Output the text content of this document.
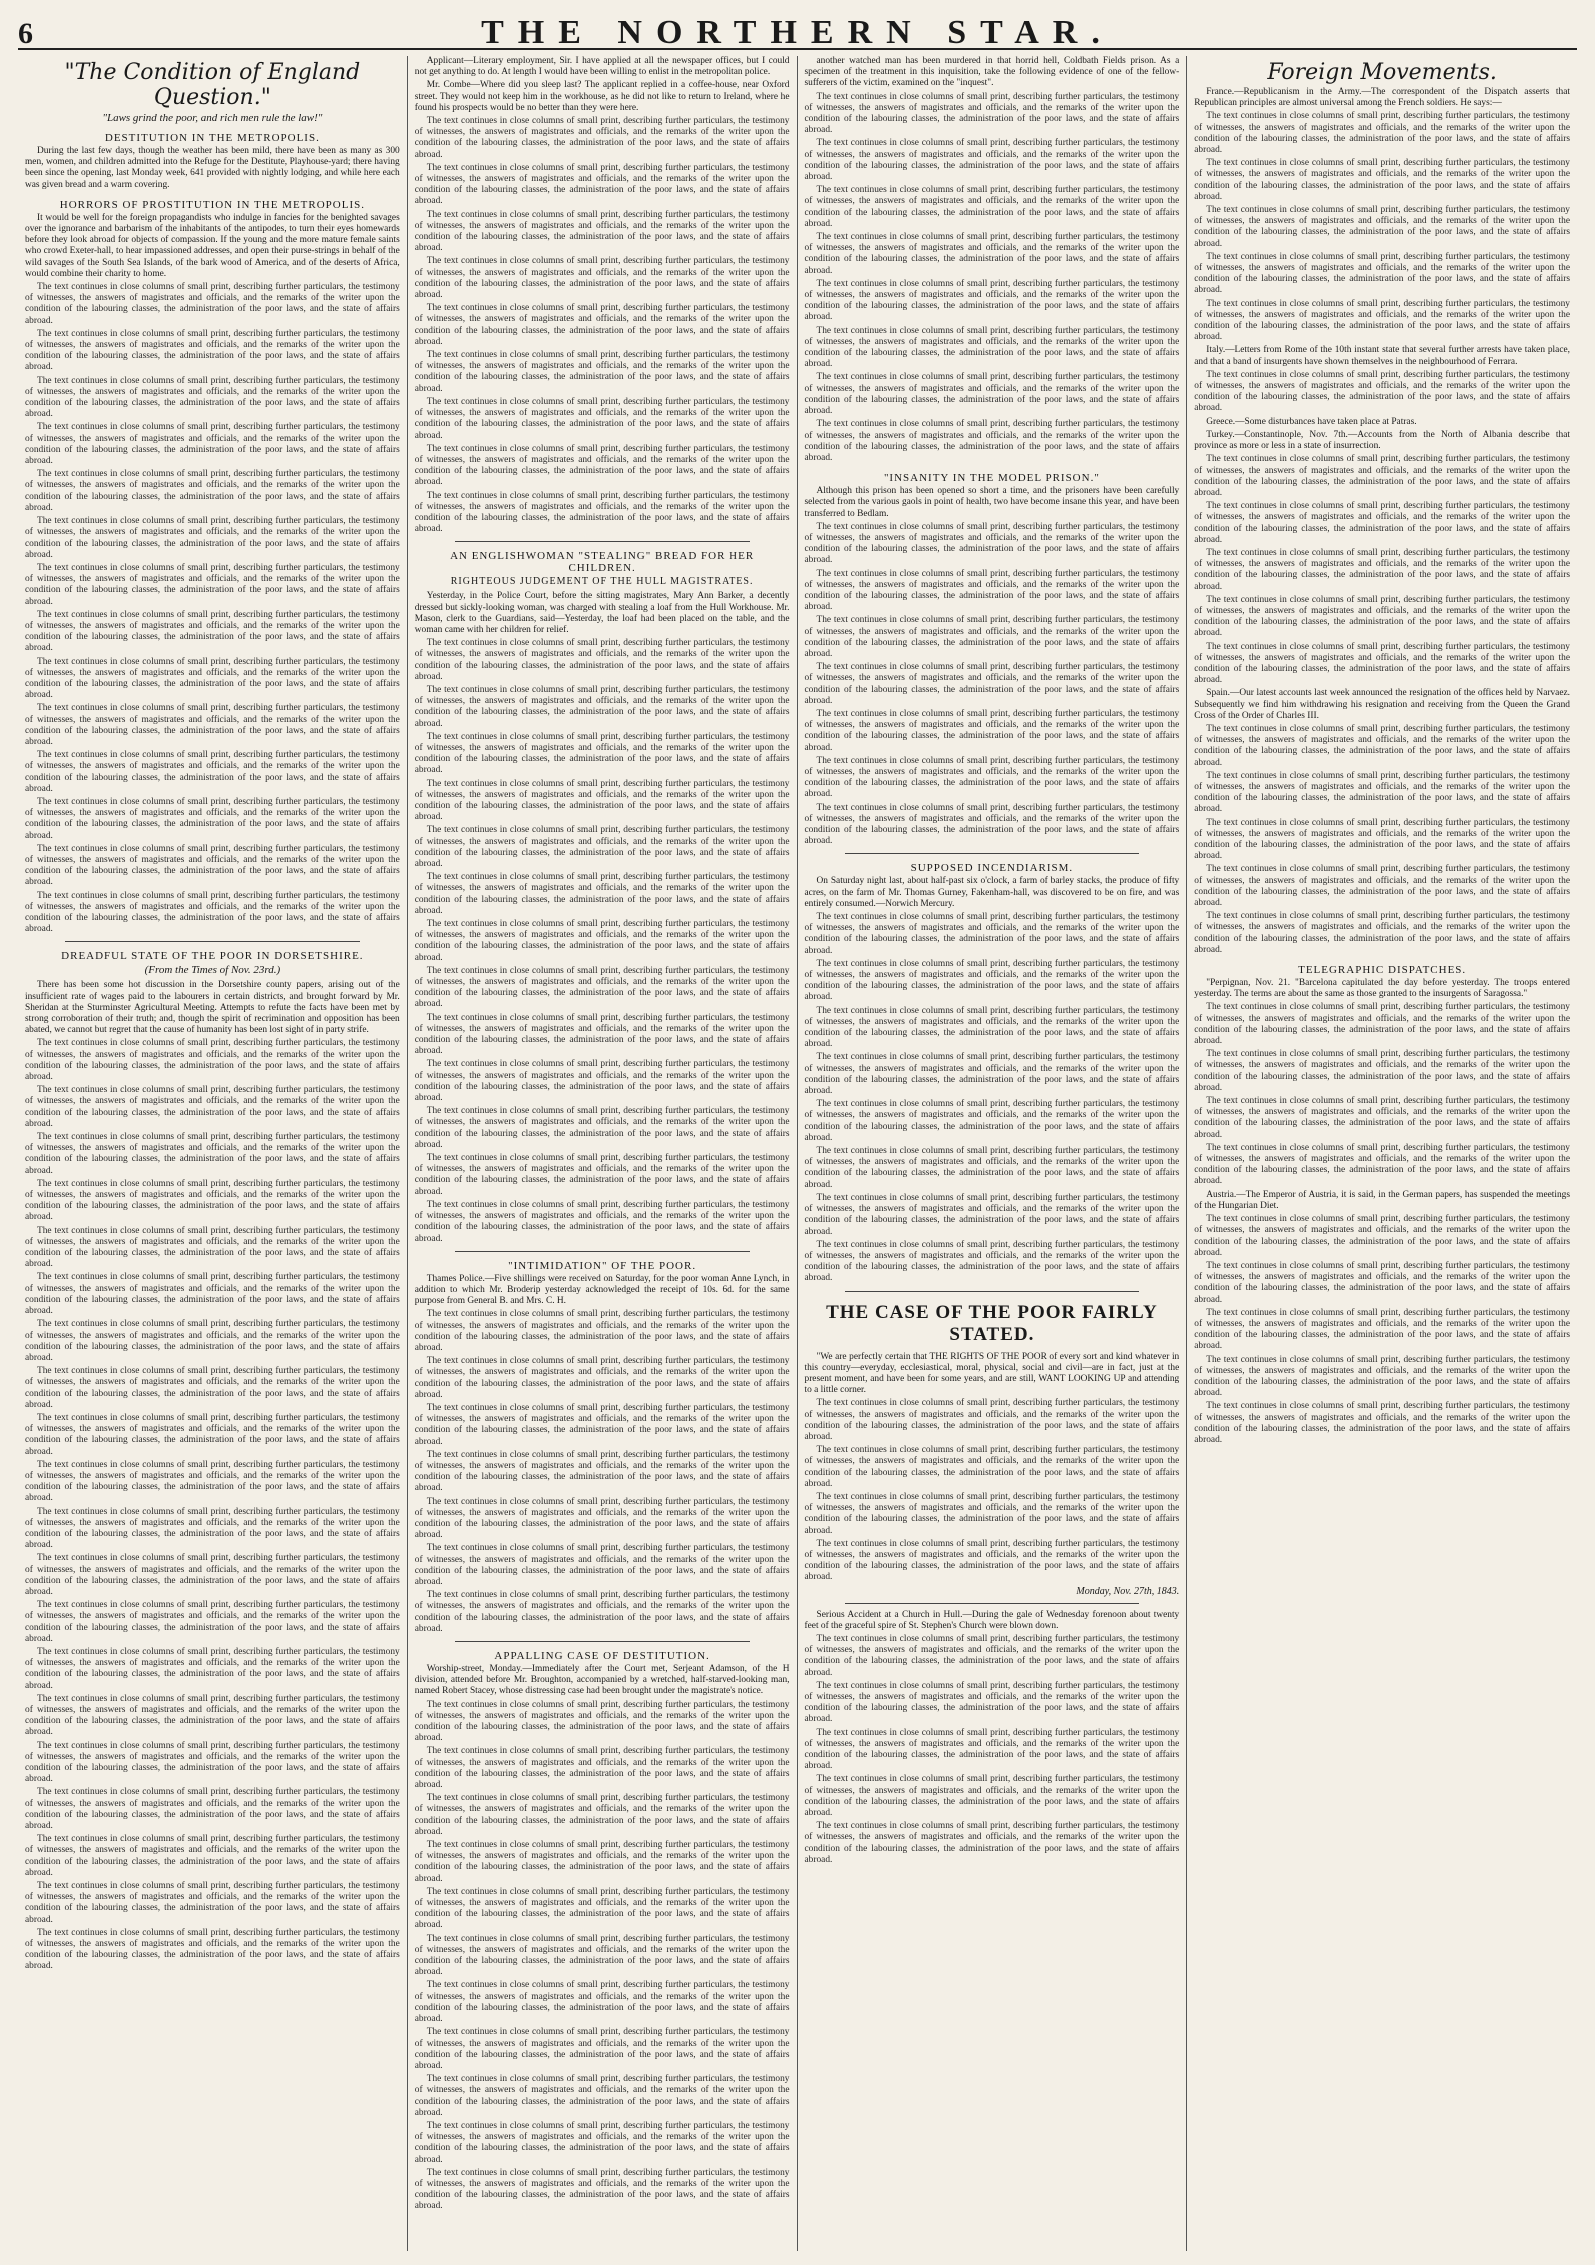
6	THE NORTHERN STAR.
"The Condition of England Question."
"Laws grind the poor, and rich men rule the law!"
DESTITUTION IN THE METROPOLIS.

During the last few days, though the weather has been mild, there have been as many as 300 men, women, and children admitted into the Refuge for the Destitute, Playhouse-yard; there having been since the opening, last Monday week, 641 provided with nightly lodging, and while here each was given bread and a warm covering.

HORRORS OF PROSTITUTION IN THE METROPOLIS.

It would be well for the foreign propagandists who indulge in fancies for the benighted savages over the ignorance and barbarism of the inhabitants of the antipodes, to turn their eyes homewards before they look abroad for objects of compassion. If the young and the more mature female saints who crowd Exeter-hall, to hear impassioned addresses, and open their purse-strings in behalf of the wild savages of the South Sea Islands, of the bark wood of America, and of the deserts of Africa, would combine their charity to home.

The text continues in close columns of small print, describing further particulars, the testimony of witnesses, the answers of magistrates and officials, and the remarks of the writer upon the condition of the labouring classes, the administration of the poor laws, and the state of affairs abroad.

The text continues in close columns of small print, describing further particulars, the testimony of witnesses, the answers of magistrates and officials, and the remarks of the writer upon the condition of the labouring classes, the administration of the poor laws, and the state of affairs abroad.

The text continues in close columns of small print, describing further particulars, the testimony of witnesses, the answers of magistrates and officials, and the remarks of the writer upon the condition of the labouring classes, the administration of the poor laws, and the state of affairs abroad.

The text continues in close columns of small print, describing further particulars, the testimony of witnesses, the answers of magistrates and officials, and the remarks of the writer upon the condition of the labouring classes, the administration of the poor laws, and the state of affairs abroad.

The text continues in close columns of small print, describing further particulars, the testimony of witnesses, the answers of magistrates and officials, and the remarks of the writer upon the condition of the labouring classes, the administration of the poor laws, and the state of affairs abroad.

The text continues in close columns of small print, describing further particulars, the testimony of witnesses, the answers of magistrates and officials, and the remarks of the writer upon the condition of the labouring classes, the administration of the poor laws, and the state of affairs abroad.

The text continues in close columns of small print, describing further particulars, the testimony of witnesses, the answers of magistrates and officials, and the remarks of the writer upon the condition of the labouring classes, the administration of the poor laws, and the state of affairs abroad.

The text continues in close columns of small print, describing further particulars, the testimony of witnesses, the answers of magistrates and officials, and the remarks of the writer upon the condition of the labouring classes, the administration of the poor laws, and the state of affairs abroad.

The text continues in close columns of small print, describing further particulars, the testimony of witnesses, the answers of magistrates and officials, and the remarks of the writer upon the condition of the labouring classes, the administration of the poor laws, and the state of affairs abroad.

The text continues in close columns of small print, describing further particulars, the testimony of witnesses, the answers of magistrates and officials, and the remarks of the writer upon the condition of the labouring classes, the administration of the poor laws, and the state of affairs abroad.

The text continues in close columns of small print, describing further particulars, the testimony of witnesses, the answers of magistrates and officials, and the remarks of the writer upon the condition of the labouring classes, the administration of the poor laws, and the state of affairs abroad.

The text continues in close columns of small print, describing further particulars, the testimony of witnesses, the answers of magistrates and officials, and the remarks of the writer upon the condition of the labouring classes, the administration of the poor laws, and the state of affairs abroad.

The text continues in close columns of small print, describing further particulars, the testimony of witnesses, the answers of magistrates and officials, and the remarks of the writer upon the condition of the labouring classes, the administration of the poor laws, and the state of affairs abroad.

The text continues in close columns of small print, describing further particulars, the testimony of witnesses, the answers of magistrates and officials, and the remarks of the writer upon the condition of the labouring classes, the administration of the poor laws, and the state of affairs abroad.

DREADFUL STATE OF THE POOR IN DORSETSHIRE.
(From the Times of Nov. 23rd.)

There has been some hot discussion in the Dorsetshire county papers, arising out of the insufficient rate of wages paid to the labourers in certain districts, and brought forward by Mr. Sheridan at the Sturminster Agricultural Meeting. Attempts to refute the facts have been met by strong corroboration of their truth; and, though the spirit of recrimination and opposition has been abated, we cannot but regret that the cause of humanity has been lost sight of in party strife.

The text continues in close columns of small print, describing further particulars, the testimony of witnesses, the answers of magistrates and officials, and the remarks of the writer upon the condition of the labouring classes, the administration of the poor laws, and the state of affairs abroad.

The text continues in close columns of small print, describing further particulars, the testimony of witnesses, the answers of magistrates and officials, and the remarks of the writer upon the condition of the labouring classes, the administration of the poor laws, and the state of affairs abroad.

The text continues in close columns of small print, describing further particulars, the testimony of witnesses, the answers of magistrates and officials, and the remarks of the writer upon the condition of the labouring classes, the administration of the poor laws, and the state of affairs abroad.

The text continues in close columns of small print, describing further particulars, the testimony of witnesses, the answers of magistrates and officials, and the remarks of the writer upon the condition of the labouring classes, the administration of the poor laws, and the state of affairs abroad.

The text continues in close columns of small print, describing further particulars, the testimony of witnesses, the answers of magistrates and officials, and the remarks of the writer upon the condition of the labouring classes, the administration of the poor laws, and the state of affairs abroad.

The text continues in close columns of small print, describing further particulars, the testimony of witnesses, the answers of magistrates and officials, and the remarks of the writer upon the condition of the labouring classes, the administration of the poor laws, and the state of affairs abroad.

The text continues in close columns of small print, describing further particulars, the testimony of witnesses, the answers of magistrates and officials, and the remarks of the writer upon the condition of the labouring classes, the administration of the poor laws, and the state of affairs abroad.

The text continues in close columns of small print, describing further particulars, the testimony of witnesses, the answers of magistrates and officials, and the remarks of the writer upon the condition of the labouring classes, the administration of the poor laws, and the state of affairs abroad.

The text continues in close columns of small print, describing further particulars, the testimony of witnesses, the answers of magistrates and officials, and the remarks of the writer upon the condition of the labouring classes, the administration of the poor laws, and the state of affairs abroad.

The text continues in close columns of small print, describing further particulars, the testimony of witnesses, the answers of magistrates and officials, and the remarks of the writer upon the condition of the labouring classes, the administration of the poor laws, and the state of affairs abroad.

The text continues in close columns of small print, describing further particulars, the testimony of witnesses, the answers of magistrates and officials, and the remarks of the writer upon the condition of the labouring classes, the administration of the poor laws, and the state of affairs abroad.

The text continues in close columns of small print, describing further particulars, the testimony of witnesses, the answers of magistrates and officials, and the remarks of the writer upon the condition of the labouring classes, the administration of the poor laws, and the state of affairs abroad.

The text continues in close columns of small print, describing further particulars, the testimony of witnesses, the answers of magistrates and officials, and the remarks of the writer upon the condition of the labouring classes, the administration of the poor laws, and the state of affairs abroad.

The text continues in close columns of small print, describing further particulars, the testimony of witnesses, the answers of magistrates and officials, and the remarks of the writer upon the condition of the labouring classes, the administration of the poor laws, and the state of affairs abroad.

The text continues in close columns of small print, describing further particulars, the testimony of witnesses, the answers of magistrates and officials, and the remarks of the writer upon the condition of the labouring classes, the administration of the poor laws, and the state of affairs abroad.

The text continues in close columns of small print, describing further particulars, the testimony of witnesses, the answers of magistrates and officials, and the remarks of the writer upon the condition of the labouring classes, the administration of the poor laws, and the state of affairs abroad.

The text continues in close columns of small print, describing further particulars, the testimony of witnesses, the answers of magistrates and officials, and the remarks of the writer upon the condition of the labouring classes, the administration of the poor laws, and the state of affairs abroad.

The text continues in close columns of small print, describing further particulars, the testimony of witnesses, the answers of magistrates and officials, and the remarks of the writer upon the condition of the labouring classes, the administration of the poor laws, and the state of affairs abroad.

The text continues in close columns of small print, describing further particulars, the testimony of witnesses, the answers of magistrates and officials, and the remarks of the writer upon the condition of the labouring classes, the administration of the poor laws, and the state of affairs abroad.

The text continues in close columns of small print, describing further particulars, the testimony of witnesses, the answers of magistrates and officials, and the remarks of the writer upon the condition of the labouring classes, the administration of the poor laws, and the state of affairs abroad.

Applicant—Literary employment, Sir. I have applied at all the newspaper offices, but I could not get anything to do. At length I would have been willing to enlist in the metropolitan police.

Mr. Combe—Where did you sleep last? The applicant replied in a coffee-house, near Oxford street. They would not keep him in the workhouse, as he did not like to return to Ireland, where he found his prospects would be no better than they were here.

The text continues in close columns of small print, describing further particulars, the testimony of witnesses, the answers of magistrates and officials, and the remarks of the writer upon the condition of the labouring classes, the administration of the poor laws, and the state of affairs abroad.

The text continues in close columns of small print, describing further particulars, the testimony of witnesses, the answers of magistrates and officials, and the remarks of the writer upon the condition of the labouring classes, the administration of the poor laws, and the state of affairs abroad.

The text continues in close columns of small print, describing further particulars, the testimony of witnesses, the answers of magistrates and officials, and the remarks of the writer upon the condition of the labouring classes, the administration of the poor laws, and the state of affairs abroad.

The text continues in close columns of small print, describing further particulars, the testimony of witnesses, the answers of magistrates and officials, and the remarks of the writer upon the condition of the labouring classes, the administration of the poor laws, and the state of affairs abroad.

The text continues in close columns of small print, describing further particulars, the testimony of witnesses, the answers of magistrates and officials, and the remarks of the writer upon the condition of the labouring classes, the administration of the poor laws, and the state of affairs abroad.

The text continues in close columns of small print, describing further particulars, the testimony of witnesses, the answers of magistrates and officials, and the remarks of the writer upon the condition of the labouring classes, the administration of the poor laws, and the state of affairs abroad.

The text continues in close columns of small print, describing further particulars, the testimony of witnesses, the answers of magistrates and officials, and the remarks of the writer upon the condition of the labouring classes, the administration of the poor laws, and the state of affairs abroad.

The text continues in close columns of small print, describing further particulars, the testimony of witnesses, the answers of magistrates and officials, and the remarks of the writer upon the condition of the labouring classes, the administration of the poor laws, and the state of affairs abroad.

The text continues in close columns of small print, describing further particulars, the testimony of witnesses, the answers of magistrates and officials, and the remarks of the writer upon the condition of the labouring classes, the administration of the poor laws, and the state of affairs abroad.

AN ENGLISHWOMAN "STEALING" BREAD FOR HER CHILDREN.
RIGHTEOUS JUDGEMENT OF THE HULL MAGISTRATES.

Yesterday, in the Police Court, before the sitting magistrates, Mary Ann Barker, a decently dressed but sickly-looking woman, was charged with stealing a loaf from the Hull Workhouse. Mr. Mason, clerk to the Guardians, said—Yesterday, the loaf had been placed on the table, and the woman came with her children for relief.

The text continues in close columns of small print, describing further particulars, the testimony of witnesses, the answers of magistrates and officials, and the remarks of the writer upon the condition of the labouring classes, the administration of the poor laws, and the state of affairs abroad.

The text continues in close columns of small print, describing further particulars, the testimony of witnesses, the answers of magistrates and officials, and the remarks of the writer upon the condition of the labouring classes, the administration of the poor laws, and the state of affairs abroad.

The text continues in close columns of small print, describing further particulars, the testimony of witnesses, the answers of magistrates and officials, and the remarks of the writer upon the condition of the labouring classes, the administration of the poor laws, and the state of affairs abroad.

The text continues in close columns of small print, describing further particulars, the testimony of witnesses, the answers of magistrates and officials, and the remarks of the writer upon the condition of the labouring classes, the administration of the poor laws, and the state of affairs abroad.

The text continues in close columns of small print, describing further particulars, the testimony of witnesses, the answers of magistrates and officials, and the remarks of the writer upon the condition of the labouring classes, the administration of the poor laws, and the state of affairs abroad.

The text continues in close columns of small print, describing further particulars, the testimony of witnesses, the answers of magistrates and officials, and the remarks of the writer upon the condition of the labouring classes, the administration of the poor laws, and the state of affairs abroad.

The text continues in close columns of small print, describing further particulars, the testimony of witnesses, the answers of magistrates and officials, and the remarks of the writer upon the condition of the labouring classes, the administration of the poor laws, and the state of affairs abroad.

The text continues in close columns of small print, describing further particulars, the testimony of witnesses, the answers of magistrates and officials, and the remarks of the writer upon the condition of the labouring classes, the administration of the poor laws, and the state of affairs abroad.

The text continues in close columns of small print, describing further particulars, the testimony of witnesses, the answers of magistrates and officials, and the remarks of the writer upon the condition of the labouring classes, the administration of the poor laws, and the state of affairs abroad.

The text continues in close columns of small print, describing further particulars, the testimony of witnesses, the answers of magistrates and officials, and the remarks of the writer upon the condition of the labouring classes, the administration of the poor laws, and the state of affairs abroad.

The text continues in close columns of small print, describing further particulars, the testimony of witnesses, the answers of magistrates and officials, and the remarks of the writer upon the condition of the labouring classes, the administration of the poor laws, and the state of affairs abroad.

The text continues in close columns of small print, describing further particulars, the testimony of witnesses, the answers of magistrates and officials, and the remarks of the writer upon the condition of the labouring classes, the administration of the poor laws, and the state of affairs abroad.

The text continues in close columns of small print, describing further particulars, the testimony of witnesses, the answers of magistrates and officials, and the remarks of the writer upon the condition of the labouring classes, the administration of the poor laws, and the state of affairs abroad.

"INTIMIDATION" OF THE POOR.

Thames Police.—Five shillings were received on Saturday, for the poor woman Anne Lynch, in addition to which Mr. Broderip yesterday acknowledged the receipt of 10s. 6d. for the same purpose from General B. and Mrs. C. H.

The text continues in close columns of small print, describing further particulars, the testimony of witnesses, the answers of magistrates and officials, and the remarks of the writer upon the condition of the labouring classes, the administration of the poor laws, and the state of affairs abroad.

The text continues in close columns of small print, describing further particulars, the testimony of witnesses, the answers of magistrates and officials, and the remarks of the writer upon the condition of the labouring classes, the administration of the poor laws, and the state of affairs abroad.

The text continues in close columns of small print, describing further particulars, the testimony of witnesses, the answers of magistrates and officials, and the remarks of the writer upon the condition of the labouring classes, the administration of the poor laws, and the state of affairs abroad.

The text continues in close columns of small print, describing further particulars, the testimony of witnesses, the answers of magistrates and officials, and the remarks of the writer upon the condition of the labouring classes, the administration of the poor laws, and the state of affairs abroad.

The text continues in close columns of small print, describing further particulars, the testimony of witnesses, the answers of magistrates and officials, and the remarks of the writer upon the condition of the labouring classes, the administration of the poor laws, and the state of affairs abroad.

The text continues in close columns of small print, describing further particulars, the testimony of witnesses, the answers of magistrates and officials, and the remarks of the writer upon the condition of the labouring classes, the administration of the poor laws, and the state of affairs abroad.

The text continues in close columns of small print, describing further particulars, the testimony of witnesses, the answers of magistrates and officials, and the remarks of the writer upon the condition of the labouring classes, the administration of the poor laws, and the state of affairs abroad.

APPALLING CASE OF DESTITUTION.

Worship-street, Monday.—Immediately after the Court met, Serjeant Adamson, of the H division, attended before Mr. Broughton, accompanied by a wretched, half-starved-looking man, named Robert Stacey, whose distressing case had been brought under the magistrate's notice.

The text continues in close columns of small print, describing further particulars, the testimony of witnesses, the answers of magistrates and officials, and the remarks of the writer upon the condition of the labouring classes, the administration of the poor laws, and the state of affairs abroad.

The text continues in close columns of small print, describing further particulars, the testimony of witnesses, the answers of magistrates and officials, and the remarks of the writer upon the condition of the labouring classes, the administration of the poor laws, and the state of affairs abroad.

The text continues in close columns of small print, describing further particulars, the testimony of witnesses, the answers of magistrates and officials, and the remarks of the writer upon the condition of the labouring classes, the administration of the poor laws, and the state of affairs abroad.

The text continues in close columns of small print, describing further particulars, the testimony of witnesses, the answers of magistrates and officials, and the remarks of the writer upon the condition of the labouring classes, the administration of the poor laws, and the state of affairs abroad.

The text continues in close columns of small print, describing further particulars, the testimony of witnesses, the answers of magistrates and officials, and the remarks of the writer upon the condition of the labouring classes, the administration of the poor laws, and the state of affairs abroad.

The text continues in close columns of small print, describing further particulars, the testimony of witnesses, the answers of magistrates and officials, and the remarks of the writer upon the condition of the labouring classes, the administration of the poor laws, and the state of affairs abroad.

The text continues in close columns of small print, describing further particulars, the testimony of witnesses, the answers of magistrates and officials, and the remarks of the writer upon the condition of the labouring classes, the administration of the poor laws, and the state of affairs abroad.

The text continues in close columns of small print, describing further particulars, the testimony of witnesses, the answers of magistrates and officials, and the remarks of the writer upon the condition of the labouring classes, the administration of the poor laws, and the state of affairs abroad.

The text continues in close columns of small print, describing further particulars, the testimony of witnesses, the answers of magistrates and officials, and the remarks of the writer upon the condition of the labouring classes, the administration of the poor laws, and the state of affairs abroad.

The text continues in close columns of small print, describing further particulars, the testimony of witnesses, the answers of magistrates and officials, and the remarks of the writer upon the condition of the labouring classes, the administration of the poor laws, and the state of affairs abroad.

The text continues in close columns of small print, describing further particulars, the testimony of witnesses, the answers of magistrates and officials, and the remarks of the writer upon the condition of the labouring classes, the administration of the poor laws, and the state of affairs abroad.

another watched man has been murdered in that horrid hell, Coldbath Fields prison. As a specimen of the treatment in this inquisition, take the following evidence of one of the fellow-sufferers of the victim, examined on the "inquest".

The text continues in close columns of small print, describing further particulars, the testimony of witnesses, the answers of magistrates and officials, and the remarks of the writer upon the condition of the labouring classes, the administration of the poor laws, and the state of affairs abroad.

The text continues in close columns of small print, describing further particulars, the testimony of witnesses, the answers of magistrates and officials, and the remarks of the writer upon the condition of the labouring classes, the administration of the poor laws, and the state of affairs abroad.

The text continues in close columns of small print, describing further particulars, the testimony of witnesses, the answers of magistrates and officials, and the remarks of the writer upon the condition of the labouring classes, the administration of the poor laws, and the state of affairs abroad.

The text continues in close columns of small print, describing further particulars, the testimony of witnesses, the answers of magistrates and officials, and the remarks of the writer upon the condition of the labouring classes, the administration of the poor laws, and the state of affairs abroad.

The text continues in close columns of small print, describing further particulars, the testimony of witnesses, the answers of magistrates and officials, and the remarks of the writer upon the condition of the labouring classes, the administration of the poor laws, and the state of affairs abroad.

The text continues in close columns of small print, describing further particulars, the testimony of witnesses, the answers of magistrates and officials, and the remarks of the writer upon the condition of the labouring classes, the administration of the poor laws, and the state of affairs abroad.

The text continues in close columns of small print, describing further particulars, the testimony of witnesses, the answers of magistrates and officials, and the remarks of the writer upon the condition of the labouring classes, the administration of the poor laws, and the state of affairs abroad.

The text continues in close columns of small print, describing further particulars, the testimony of witnesses, the answers of magistrates and officials, and the remarks of the writer upon the condition of the labouring classes, the administration of the poor laws, and the state of affairs abroad.

"INSANITY IN THE MODEL PRISON."

Although this prison has been opened so short a time, and the prisoners have been carefully selected from the various gaols in point of health, two have become insane this year, and have been transferred to Bedlam.

The text continues in close columns of small print, describing further particulars, the testimony of witnesses, the answers of magistrates and officials, and the remarks of the writer upon the condition of the labouring classes, the administration of the poor laws, and the state of affairs abroad.

The text continues in close columns of small print, describing further particulars, the testimony of witnesses, the answers of magistrates and officials, and the remarks of the writer upon the condition of the labouring classes, the administration of the poor laws, and the state of affairs abroad.

The text continues in close columns of small print, describing further particulars, the testimony of witnesses, the answers of magistrates and officials, and the remarks of the writer upon the condition of the labouring classes, the administration of the poor laws, and the state of affairs abroad.

The text continues in close columns of small print, describing further particulars, the testimony of witnesses, the answers of magistrates and officials, and the remarks of the writer upon the condition of the labouring classes, the administration of the poor laws, and the state of affairs abroad.

The text continues in close columns of small print, describing further particulars, the testimony of witnesses, the answers of magistrates and officials, and the remarks of the writer upon the condition of the labouring classes, the administration of the poor laws, and the state of affairs abroad.

The text continues in close columns of small print, describing further particulars, the testimony of witnesses, the answers of magistrates and officials, and the remarks of the writer upon the condition of the labouring classes, the administration of the poor laws, and the state of affairs abroad.

The text continues in close columns of small print, describing further particulars, the testimony of witnesses, the answers of magistrates and officials, and the remarks of the writer upon the condition of the labouring classes, the administration of the poor laws, and the state of affairs abroad.

SUPPOSED INCENDIARISM.

On Saturday night last, about half-past six o'clock, a farm of barley stacks, the produce of fifty acres, on the farm of Mr. Thomas Gurney, Fakenham-hall, was discovered to be on fire, and was entirely consumed.—Norwich Mercury.

The text continues in close columns of small print, describing further particulars, the testimony of witnesses, the answers of magistrates and officials, and the remarks of the writer upon the condition of the labouring classes, the administration of the poor laws, and the state of affairs abroad.

The text continues in close columns of small print, describing further particulars, the testimony of witnesses, the answers of magistrates and officials, and the remarks of the writer upon the condition of the labouring classes, the administration of the poor laws, and the state of affairs abroad.

The text continues in close columns of small print, describing further particulars, the testimony of witnesses, the answers of magistrates and officials, and the remarks of the writer upon the condition of the labouring classes, the administration of the poor laws, and the state of affairs abroad.

The text continues in close columns of small print, describing further particulars, the testimony of witnesses, the answers of magistrates and officials, and the remarks of the writer upon the condition of the labouring classes, the administration of the poor laws, and the state of affairs abroad.

The text continues in close columns of small print, describing further particulars, the testimony of witnesses, the answers of magistrates and officials, and the remarks of the writer upon the condition of the labouring classes, the administration of the poor laws, and the state of affairs abroad.

The text continues in close columns of small print, describing further particulars, the testimony of witnesses, the answers of magistrates and officials, and the remarks of the writer upon the condition of the labouring classes, the administration of the poor laws, and the state of affairs abroad.

The text continues in close columns of small print, describing further particulars, the testimony of witnesses, the answers of magistrates and officials, and the remarks of the writer upon the condition of the labouring classes, the administration of the poor laws, and the state of affairs abroad.

The text continues in close columns of small print, describing further particulars, the testimony of witnesses, the answers of magistrates and officials, and the remarks of the writer upon the condition of the labouring classes, the administration of the poor laws, and the state of affairs abroad.

THE CASE OF THE POOR FAIRLY
STATED.

"We are perfectly certain that THE RIGHTS OF THE POOR of every sort and kind whatever in this country—everyday, ecclesiastical, moral, physical, social and civil—are in fact, just at the present moment, and have been for some years, and are still, WANT LOOKING UP and attending to a little corner.

The text continues in close columns of small print, describing further particulars, the testimony of witnesses, the answers of magistrates and officials, and the remarks of the writer upon the condition of the labouring classes, the administration of the poor laws, and the state of affairs abroad.

The text continues in close columns of small print, describing further particulars, the testimony of witnesses, the answers of magistrates and officials, and the remarks of the writer upon the condition of the labouring classes, the administration of the poor laws, and the state of affairs abroad.

The text continues in close columns of small print, describing further particulars, the testimony of witnesses, the answers of magistrates and officials, and the remarks of the writer upon the condition of the labouring classes, the administration of the poor laws, and the state of affairs abroad.

The text continues in close columns of small print, describing further particulars, the testimony of witnesses, the answers of magistrates and officials, and the remarks of the writer upon the condition of the labouring classes, the administration of the poor laws, and the state of affairs abroad.

Monday, Nov. 27th, 1843.

Serious Accident at a Church in Hull.—During the gale of Wednesday forenoon about twenty feet of the graceful spire of St. Stephen's Church were blown down.

The text continues in close columns of small print, describing further particulars, the testimony of witnesses, the answers of magistrates and officials, and the remarks of the writer upon the condition of the labouring classes, the administration of the poor laws, and the state of affairs abroad.

The text continues in close columns of small print, describing further particulars, the testimony of witnesses, the answers of magistrates and officials, and the remarks of the writer upon the condition of the labouring classes, the administration of the poor laws, and the state of affairs abroad.

The text continues in close columns of small print, describing further particulars, the testimony of witnesses, the answers of magistrates and officials, and the remarks of the writer upon the condition of the labouring classes, the administration of the poor laws, and the state of affairs abroad.

The text continues in close columns of small print, describing further particulars, the testimony of witnesses, the answers of magistrates and officials, and the remarks of the writer upon the condition of the labouring classes, the administration of the poor laws, and the state of affairs abroad.

The text continues in close columns of small print, describing further particulars, the testimony of witnesses, the answers of magistrates and officials, and the remarks of the writer upon the condition of the labouring classes, the administration of the poor laws, and the state of affairs abroad.

Foreign Movements.

France.—Republicanism in the Army.—The correspondent of the Dispatch asserts that Republican principles are almost universal among the French soldiers. He says:—

The text continues in close columns of small print, describing further particulars, the testimony of witnesses, the answers of magistrates and officials, and the remarks of the writer upon the condition of the labouring classes, the administration of the poor laws, and the state of affairs abroad.

The text continues in close columns of small print, describing further particulars, the testimony of witnesses, the answers of magistrates and officials, and the remarks of the writer upon the condition of the labouring classes, the administration of the poor laws, and the state of affairs abroad.

The text continues in close columns of small print, describing further particulars, the testimony of witnesses, the answers of magistrates and officials, and the remarks of the writer upon the condition of the labouring classes, the administration of the poor laws, and the state of affairs abroad.

The text continues in close columns of small print, describing further particulars, the testimony of witnesses, the answers of magistrates and officials, and the remarks of the writer upon the condition of the labouring classes, the administration of the poor laws, and the state of affairs abroad.

The text continues in close columns of small print, describing further particulars, the testimony of witnesses, the answers of magistrates and officials, and the remarks of the writer upon the condition of the labouring classes, the administration of the poor laws, and the state of affairs abroad.

Italy.—Letters from Rome of the 10th instant state that several further arrests have taken place, and that a band of insurgents have shown themselves in the neighbourhood of Ferrara.

The text continues in close columns of small print, describing further particulars, the testimony of witnesses, the answers of magistrates and officials, and the remarks of the writer upon the condition of the labouring classes, the administration of the poor laws, and the state of affairs abroad.

Greece.—Some disturbances have taken place at Patras.

Turkey.—Constantinople, Nov. 7th.—Accounts from the North of Albania describe that province as more or less in a state of insurrection.

The text continues in close columns of small print, describing further particulars, the testimony of witnesses, the answers of magistrates and officials, and the remarks of the writer upon the condition of the labouring classes, the administration of the poor laws, and the state of affairs abroad.

The text continues in close columns of small print, describing further particulars, the testimony of witnesses, the answers of magistrates and officials, and the remarks of the writer upon the condition of the labouring classes, the administration of the poor laws, and the state of affairs abroad.

The text continues in close columns of small print, describing further particulars, the testimony of witnesses, the answers of magistrates and officials, and the remarks of the writer upon the condition of the labouring classes, the administration of the poor laws, and the state of affairs abroad.

The text continues in close columns of small print, describing further particulars, the testimony of witnesses, the answers of magistrates and officials, and the remarks of the writer upon the condition of the labouring classes, the administration of the poor laws, and the state of affairs abroad.

The text continues in close columns of small print, describing further particulars, the testimony of witnesses, the answers of magistrates and officials, and the remarks of the writer upon the condition of the labouring classes, the administration of the poor laws, and the state of affairs abroad.

Spain.—Our latest accounts last week announced the resignation of the offices held by Narvaez. Subsequently we find him withdrawing his resignation and receiving from the Queen the Grand Cross of the Order of Charles III.

The text continues in close columns of small print, describing further particulars, the testimony of witnesses, the answers of magistrates and officials, and the remarks of the writer upon the condition of the labouring classes, the administration of the poor laws, and the state of affairs abroad.

The text continues in close columns of small print, describing further particulars, the testimony of witnesses, the answers of magistrates and officials, and the remarks of the writer upon the condition of the labouring classes, the administration of the poor laws, and the state of affairs abroad.

The text continues in close columns of small print, describing further particulars, the testimony of witnesses, the answers of magistrates and officials, and the remarks of the writer upon the condition of the labouring classes, the administration of the poor laws, and the state of affairs abroad.

The text continues in close columns of small print, describing further particulars, the testimony of witnesses, the answers of magistrates and officials, and the remarks of the writer upon the condition of the labouring classes, the administration of the poor laws, and the state of affairs abroad.

The text continues in close columns of small print, describing further particulars, the testimony of witnesses, the answers of magistrates and officials, and the remarks of the writer upon the condition of the labouring classes, the administration of the poor laws, and the state of affairs abroad.

TELEGRAPHIC DISPATCHES.

"Perpignan, Nov. 21. "Barcelona capitulated the day before yesterday. The troops entered yesterday. The terms are about the same as those granted to the insurgents of Saragossa."

The text continues in close columns of small print, describing further particulars, the testimony of witnesses, the answers of magistrates and officials, and the remarks of the writer upon the condition of the labouring classes, the administration of the poor laws, and the state of affairs abroad.

The text continues in close columns of small print, describing further particulars, the testimony of witnesses, the answers of magistrates and officials, and the remarks of the writer upon the condition of the labouring classes, the administration of the poor laws, and the state of affairs abroad.

The text continues in close columns of small print, describing further particulars, the testimony of witnesses, the answers of magistrates and officials, and the remarks of the writer upon the condition of the labouring classes, the administration of the poor laws, and the state of affairs abroad.

The text continues in close columns of small print, describing further particulars, the testimony of witnesses, the answers of magistrates and officials, and the remarks of the writer upon the condition of the labouring classes, the administration of the poor laws, and the state of affairs abroad.

Austria.—The Emperor of Austria, it is said, in the German papers, has suspended the meetings of the Hungarian Diet.

The text continues in close columns of small print, describing further particulars, the testimony of witnesses, the answers of magistrates and officials, and the remarks of the writer upon the condition of the labouring classes, the administration of the poor laws, and the state of affairs abroad.

The text continues in close columns of small print, describing further particulars, the testimony of witnesses, the answers of magistrates and officials, and the remarks of the writer upon the condition of the labouring classes, the administration of the poor laws, and the state of affairs abroad.

The text continues in close columns of small print, describing further particulars, the testimony of witnesses, the answers of magistrates and officials, and the remarks of the writer upon the condition of the labouring classes, the administration of the poor laws, and the state of affairs abroad.

The text continues in close columns of small print, describing further particulars, the testimony of witnesses, the answers of magistrates and officials, and the remarks of the writer upon the condition of the labouring classes, the administration of the poor laws, and the state of affairs abroad.

The text continues in close columns of small print, describing further particulars, the testimony of witnesses, the answers of magistrates and officials, and the remarks of the writer upon the condition of the labouring classes, the administration of the poor laws, and the state of affairs abroad.
